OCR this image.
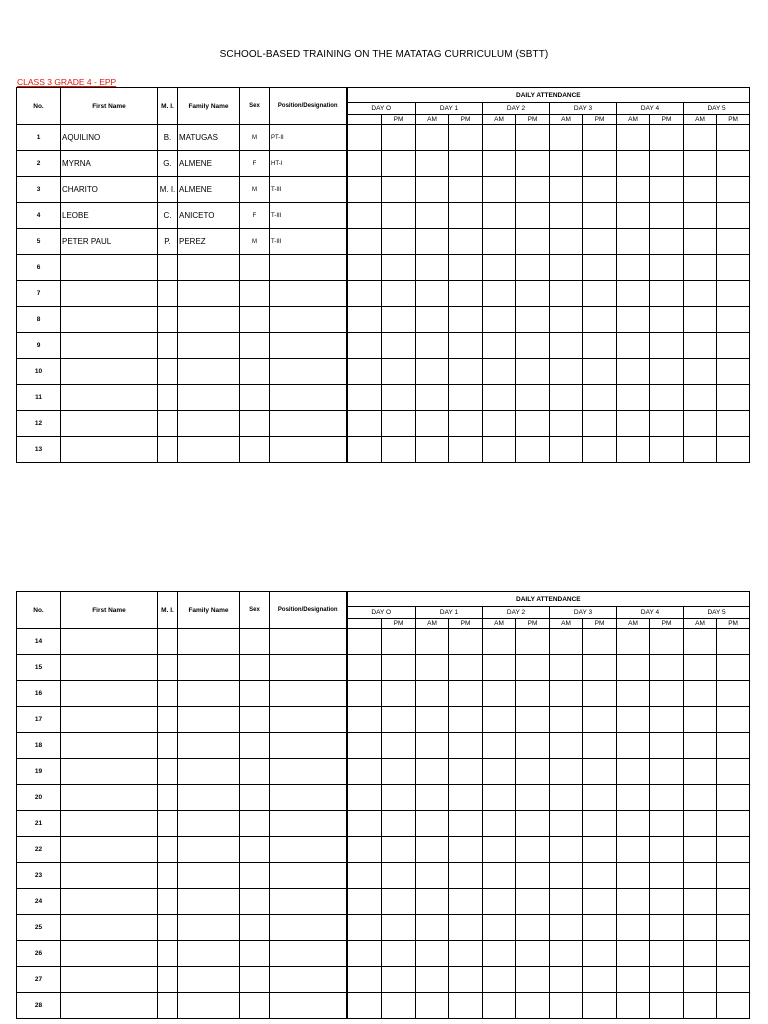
SCHOOL-BASED TRAINING ON THE MATATAG CURRICULUM (SBTT)
CLASS 3 GRADE 4 - EPP
No.	First Name	M. I.	Family Name	Sex	Position/Designation	DAILY ATTENDANCE											
						DAY O		DAY 1		DAY 2		DAY 3		DAY 4		DAY 5	
							PM	AM	PM	AM	PM	AM	PM	AM	PM	AM	PM
1	AQUILINO	B.	MATUGAS	M	PT-II												
2	MYRNA	G.	ALMENE	F	HT-I												
3	CHARITO	M. I.	ALMENE	M	T-III												
4	LEOBE	C.	ANICETO	F	T-III												
5	PETER PAUL	P.	PEREZ	M	T-III												
6																	
7																	
8																	
9																	
10																	
11																	
12																	
13																	
No.	First Name	M. I.	Family Name	Sex	Position/Designation	DAILY ATTENDANCE											
						DAY O		DAY 1		DAY 2		DAY 3		DAY 4		DAY 5	
							PM	AM	PM	AM	PM	AM	PM	AM	PM	AM	PM
14																	
15																	
16																	
17																	
18																	
19																	
20																	
21																	
22																	
23																	
24																	
25																	
26																	
27																	
28																	
